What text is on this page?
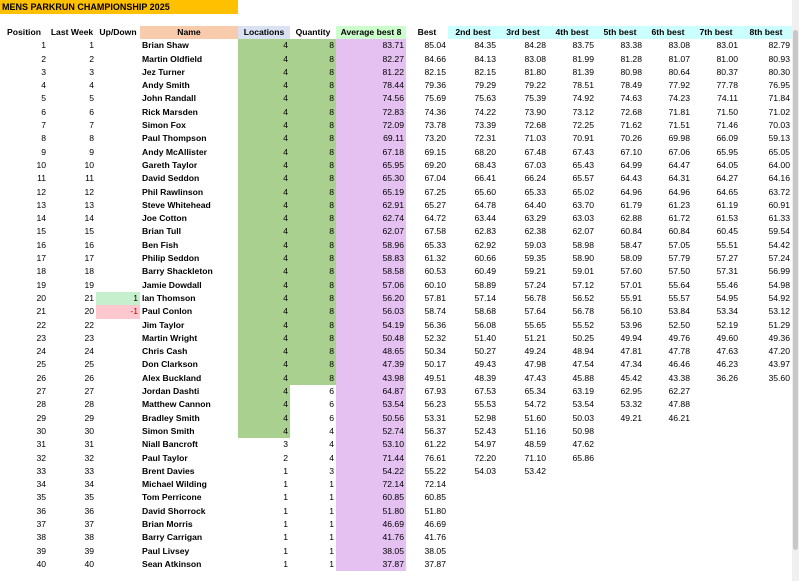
MENS PARKRUN CHAMPIONSHIP 2025
Position	Last Week	Up/Down	Name	Locations	Quantity	Average best 8	Best	2nd best	3rd best	4th best	5th best	6th best	7th best	8th best
1	1		Brian Shaw	4	8	83.71	85.04	84.35	84.28	83.75	83.38	83.08	83.01	82.79
2	2		Martin Oldfield	4	8	82.27	84.66	84.13	83.08	81.99	81.28	81.07	81.00	80.93
3	3		Jez Turner	4	8	81.22	82.15	82.15	81.80	81.39	80.98	80.64	80.37	80.30
4	4		Andy Smith	4	8	78.44	79.36	79.29	79.22	78.51	78.49	77.92	77.78	76.95
5	5		John Randall	4	8	74.56	75.69	75.63	75.39	74.92	74.63	74.23	74.11	71.84
6	6		Rick Marsden	4	8	72.83	74.36	74.22	73.90	73.12	72.68	71.81	71.50	71.02
7	7		Simon Fox	4	8	72.09	73.78	73.39	72.68	72.25	71.62	71.51	71.46	70.03
8	8		Paul Thompson	4	8	69.11	73.20	72.31	71.03	70.91	70.26	69.98	66.09	59.13
9	9		Andy McAllister	4	8	67.18	69.15	68.20	67.48	67.43	67.10	67.06	65.95	65.05
10	10		Gareth Taylor	4	8	65.95	69.20	68.43	67.03	65.43	64.99	64.47	64.05	64.00
11	11		David Seddon	4	8	65.30	67.04	66.41	66.24	65.57	64.43	64.31	64.27	64.16
12	12		Phil Rawlinson	4	8	65.19	67.25	65.60	65.33	65.02	64.96	64.96	64.65	63.72
13	13		Steve Whitehead	4	8	62.91	65.27	64.78	64.40	63.70	61.79	61.23	61.19	60.91
14	14		Joe Cotton	4	8	62.74	64.72	63.44	63.29	63.03	62.88	61.72	61.53	61.33
15	15		Brian Tull	4	8	62.07	67.58	62.83	62.38	62.07	60.84	60.84	60.45	59.54
16	16		Ben Fish	4	8	58.96	65.33	62.92	59.03	58.98	58.47	57.05	55.51	54.42
17	17		Philip Seddon	4	8	58.83	61.32	60.66	59.35	58.90	58.09	57.79	57.27	57.24
18	18		Barry Shackleton	4	8	58.58	60.53	60.49	59.21	59.01	57.60	57.50	57.31	56.99
19	19		Jamie Dowdall	4	8	57.06	60.10	58.89	57.24	57.12	57.01	55.64	55.46	54.98
20	21	1	Ian Thomson	4	8	56.20	57.81	57.14	56.78	56.52	55.91	55.57	54.95	54.92
21	20	-1	Paul Conlon	4	8	56.03	58.74	58.68	57.64	56.78	56.10	53.84	53.34	53.12
22	22		Jim Taylor	4	8	54.19	56.36	56.08	55.65	55.52	53.96	52.50	52.19	51.29
23	23		Martin Wright	4	8	50.48	52.32	51.40	51.21	50.25	49.94	49.76	49.60	49.36
24	24		Chris Cash	4	8	48.65	50.34	50.27	49.24	48.94	47.81	47.78	47.63	47.20
25	25		Don Clarkson	4	8	47.39	50.17	49.43	47.98	47.54	47.34	46.46	46.23	43.97
26	26		Alex Buckland	4	8	43.98	49.51	48.39	47.43	45.88	45.42	43.38	36.26	35.60
27	27		Jordan Dashti	4	6	64.87	67.93	67.53	65.34	63.19	62.95	62.27		
28	28		Matthew Cannon	4	6	53.54	56.23	55.53	54.72	53.54	53.32	47.88		
29	29		Bradley Smith	4	6	50.56	53.31	52.98	51.60	50.03	49.21	46.21		
30	30		Simon Smith	4	4	52.74	56.37	52.43	51.16	50.98				
31	31		Niall Bancroft	3	4	53.10	61.22	54.97	48.59	47.62				
32	32		Paul Taylor	2	4	71.44	76.61	72.20	71.10	65.86				
33	33		Brent Davies	1	3	54.22	55.22	54.03	53.42					
34	34		Michael Wilding	1	1	72.14	72.14							
35	35		Tom Perricone	1	1	60.85	60.85							
36	36		David Shorrock	1	1	51.80	51.80							
37	37		Brian Morris	1	1	46.69	46.69							
38	38		Barry Carrigan	1	1	41.76	41.76							
39	39		Paul Livsey	1	1	38.05	38.05							
40	40		Sean Atkinson	1	1	37.87	37.87							
